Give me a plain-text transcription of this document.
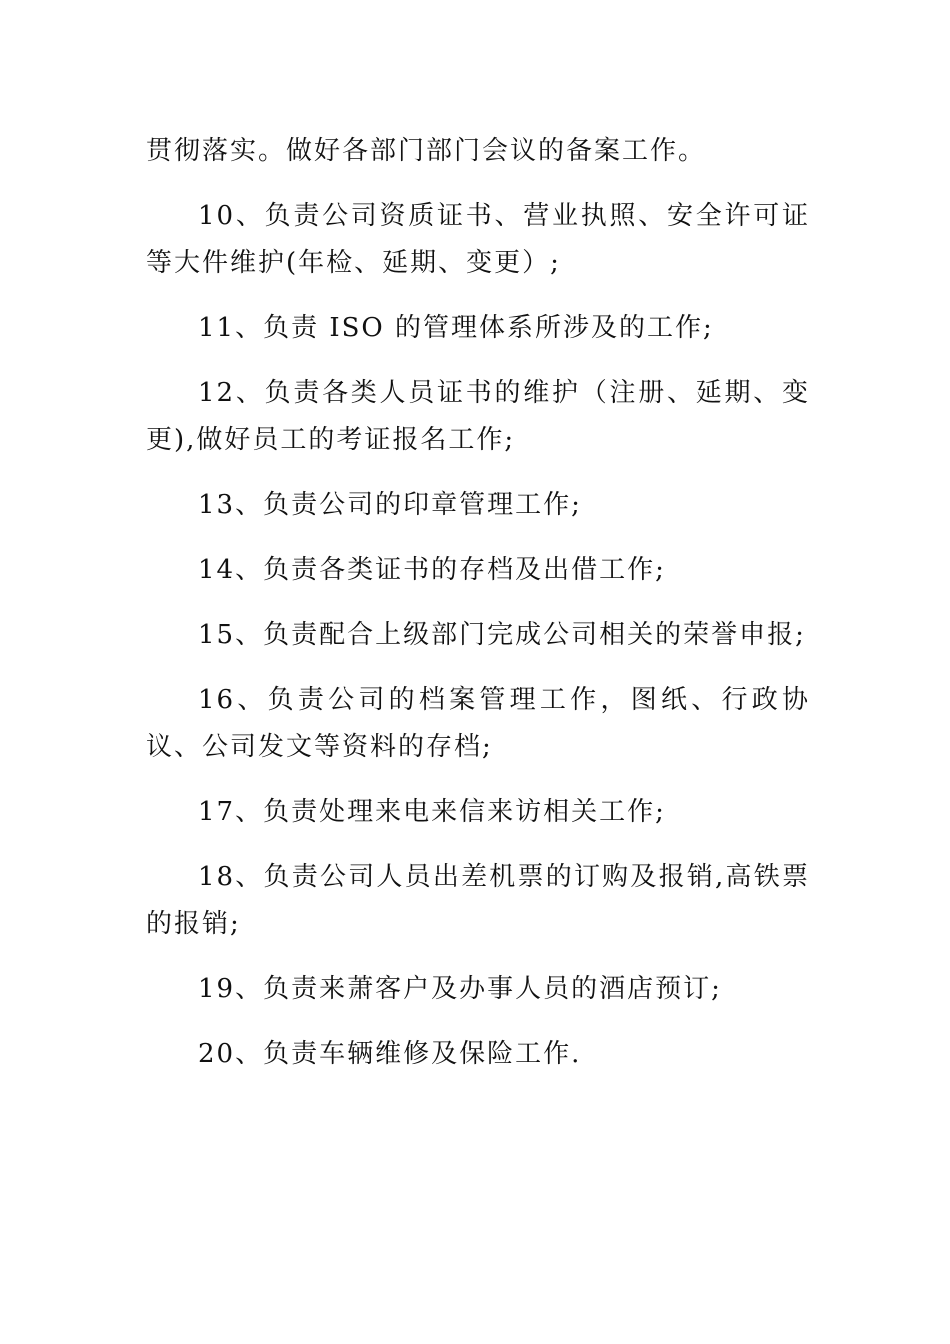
贯彻落实。做好各部门部门会议的备案工作。

10、负责公司资质证书、营业执照、安全许可证等大件维护(年检、延期、变更）;

11、负责 ISO 的管理体系所涉及的工作;

12、负责各类人员证书的维护（注册、延期、变更),做好员工的考证报名工作;

13、负责公司的印章管理工作;

14、负责各类证书的存档及出借工作;

15、负责配合上级部门完成公司相关的荣誉申报;

16、负责公司的档案管理工作，图纸、行政协议、公司发文等资料的存档;

17、负责处理来电来信来访相关工作;

18、负责公司人员出差机票的订购及报销,高铁票的报销;

19、负责来萧客户及办事人员的酒店预订;

20、负责车辆维修及保险工作.
